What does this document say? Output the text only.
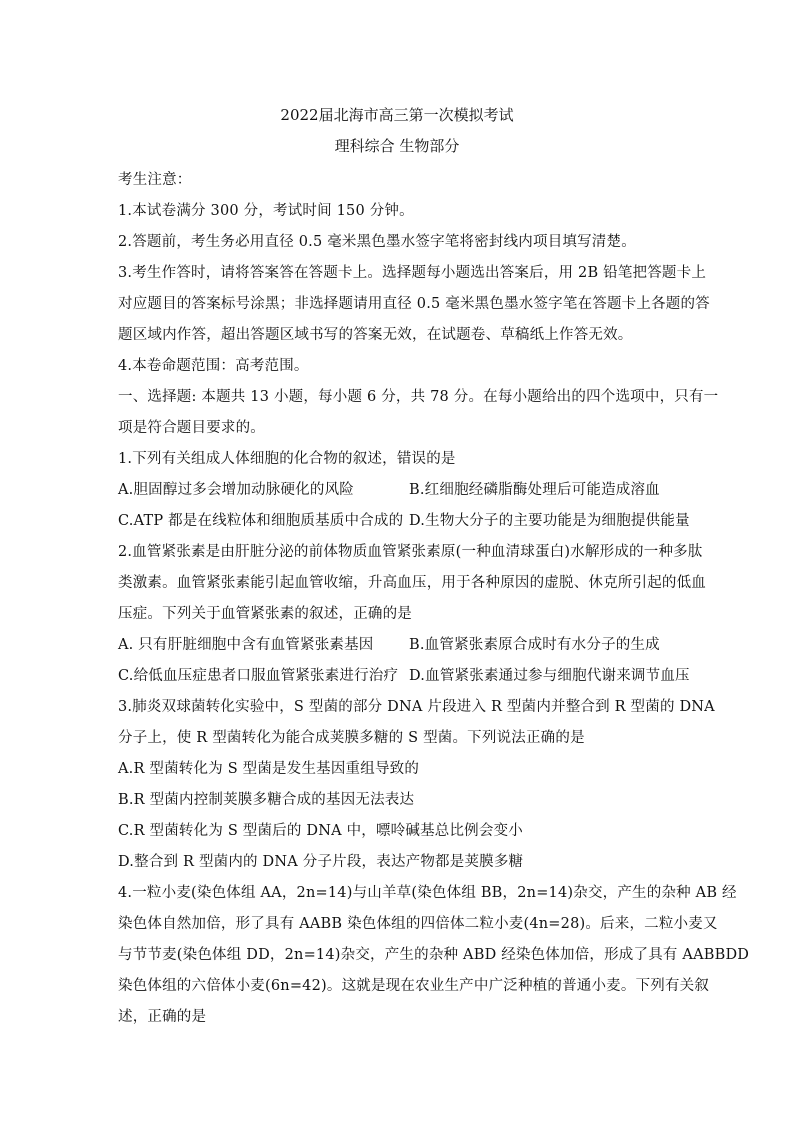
2022届北海市高三第一次模拟考试
理科综合 生物部分
考生注意：
1.本试卷满分 300 分，考试时间 150 分钟。
2.答题前，考生务必用直径 0.5 毫米黑色墨水签字笔将密封线内项目填写清楚。
3.考生作答时，请将答案答在答题卡上。选择题每小题选出答案后，用 2B 铅笔把答题卡上
对应题目的答案标号涂黑；非选择题请用直径 0.5 毫米黑色墨水签字笔在答题卡上各题的答
题区域内作答，超出答题区域书写的答案无效，在试题卷、草稿纸上作答无效。
4.本卷命题范围：高考范围。
一、选择题: 本题共 13 小题，每小题 6 分，共 78 分。在每小题给出的四个选项中，只有一
项是符合题目要求的。
1.下列有关组成人体细胞的化合物的叙述，错误的是
A.胆固醇过多会增加动脉硬化的风险	B.红细胞经磷脂酶处理后可能造成溶血
C.ATP 都是在线粒体和细胞质基质中合成的 D.生物大分子的主要功能是为细胞提供能量
2.血管紧张素是由肝脏分泌的前体物质血管紧张素原(一种血清球蛋白)水解形成的一种多肽
类激素。血管紧张素能引起血管收缩，升高血压，用于各种原因的虚脱、休克所引起的低血
压症。下列关于血管紧张素的叙述，正确的是
A. 只有肝脏细胞中含有血管紧张素基因 B.血管紧张素原合成时有水分子的生成
C.给低血压症患者口服血管紧张素进行治疗 D.血管紧张素通过参与细胞代谢来调节血压
3.肺炎双球菌转化实验中，S 型菌的部分 DNA 片段进入 R 型菌内并整合到 R 型菌的 DNA
分子上，使 R 型菌转化为能合成荚膜多糖的 S 型菌。下列说法正确的是
A.R 型菌转化为 S 型菌是发生基因重组导致的
B.R 型菌内控制荚膜多糖合成的基因无法表达
C.R 型菌转化为 S 型菌后的 DNA 中，嘌呤碱基总比例会变小
D.整合到 R 型菌内的 DNA 分子片段，表达产物都是荚膜多糖
4.一粒小麦(染色体组 AA，2n=14)与山羊草(染色体组 BB，2n=14)杂交，产生的杂种 AB 经
染色体自然加倍，形了具有 AABB 染色体组的四倍体二粒小麦(4n=28)。后来，二粒小麦又
与节节麦(染色体组 DD，2n=14)杂交，产生的杂种 ABD 经染色体加倍，形成了具有 AABBDD
染色体组的六倍体小麦(6n=42)。这就是现在农业生产中广泛种植的普通小麦。下列有关叙
述，正确的是
